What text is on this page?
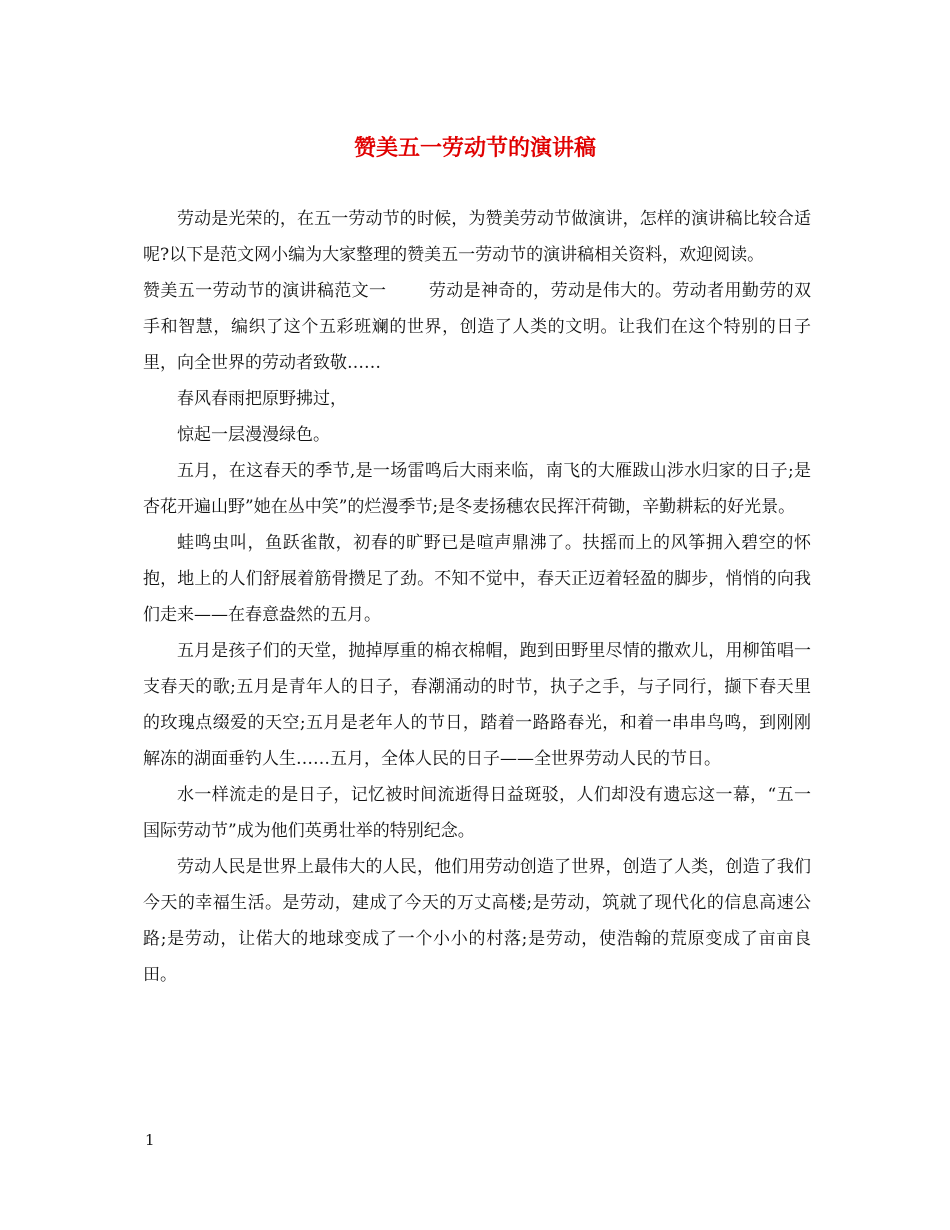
赞美五一劳动节的演讲稿

劳动是光荣的，在五一劳动节的时候，为赞美劳动节做演讲，怎样的演讲稿比较合适呢?以下是范文网小编为大家整理的赞美五一劳动节的演讲稿相关资料，欢迎阅读。

赞美五一劳动节的演讲稿范文一 劳动是神奇的，劳动是伟大的。劳动者用勤劳的双手和智慧，编织了这个五彩班斓的世界，创造了人类的文明。让我们在这个特别的日子里，向全世界的劳动者致敬……

春风春雨把原野拂过，

惊起一层漫漫绿色。

五月，在这春天的季节,是一场雷鸣后大雨来临，南飞的大雁跋山涉水归家的日子;是杏花开遍山野”她在丛中笑”的烂漫季节;是冬麦扬穗农民挥汗荷锄，辛勤耕耘的好光景。

蛙鸣虫叫，鱼跃雀散，初春的旷野已是喧声鼎沸了。扶摇而上的风筝拥入碧空的怀抱，地上的人们舒展着筋骨攒足了劲。不知不觉中，春天正迈着轻盈的脚步，悄悄的向我们走来——在春意盎然的五月。

五月是孩子们的天堂，抛掉厚重的棉衣棉帽，跑到田野里尽情的撒欢儿，用柳笛唱一支春天的歌;五月是青年人的日子，春潮涌动的时节，执子之手，与子同行，撷下春天里的玫瑰点缀爱的天空;五月是老年人的节日，踏着一路路春光，和着一串串鸟鸣，到刚刚解冻的湖面垂钓人生……五月，全体人民的日子——全世界劳动人民的节日。

水一样流走的是日子，记忆被时间流逝得日益斑驳，人们却没有遗忘这一幕，“五一国际劳动节”成为他们英勇壮举的特别纪念。

劳动人民是世界上最伟大的人民，他们用劳动创造了世界，创造了人类，创造了我们今天的幸福生活。是劳动，建成了今天的万丈高楼;是劳动，筑就了现代化的信息高速公路;是劳动，让偌大的地球变成了一个小小的村落;是劳动，使浩翰的荒原变成了亩亩良田。

1
